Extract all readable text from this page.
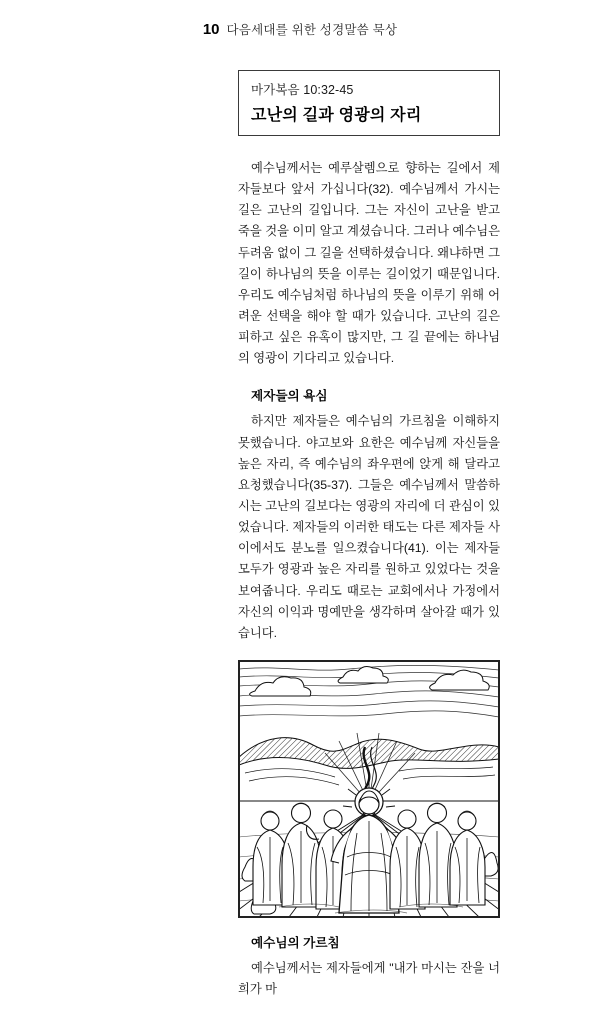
10 다음세대를 위한 성경말씀 묵상
마가복음 10:32-45
고난의 길과 영광의 자리

예수님께서는 예루살렘으로 향하는 길에서 제자들보다 앞서 가십니다(32). 예수님께서 가시는 길은 고난의 길입니다. 그는 자신이 고난을 받고 죽을 것을 이미 알고 계셨습니다. 그러나 예수님은 두려움 없이 그 길을 선택하셨습니다. 왜냐하면 그 길이 하나님의 뜻을 이루는 길이었기 때문입니다. 우리도 예수님처럼 하나님의 뜻을 이루기 위해 어려운 선택을 해야 할 때가 있습니다. 고난의 길은 피하고 싶은 유혹이 많지만, 그 길 끝에는 하나님의 영광이 기다리고 있습니다.

제자들의 욕심

하지만 제자들은 예수님의 가르침을 이해하지 못했습니다. 야고보와 요한은 예수님께 자신들을 높은 자리, 즉 예수님의 좌우편에 앉게 해 달라고 요청했습니다(35-37). 그들은 예수님께서 말씀하시는 고난의 길보다는 영광의 자리에 더 관심이 있었습니다. 제자들의 이러한 태도는 다른 제자들 사이에서도 분노를 일으켰습니다(41). 이는 제자들 모두가 영광과 높은 자리를 원하고 있었다는 것을 보여줍니다. 우리도 때로는 교회에서나 가정에서 자신의 이익과 명예만을 생각하며 살아갈 때가 있습니다.

예수님의 가르침

예수님께서는 제자들에게 "내가 마시는 잔을 너희가 마
